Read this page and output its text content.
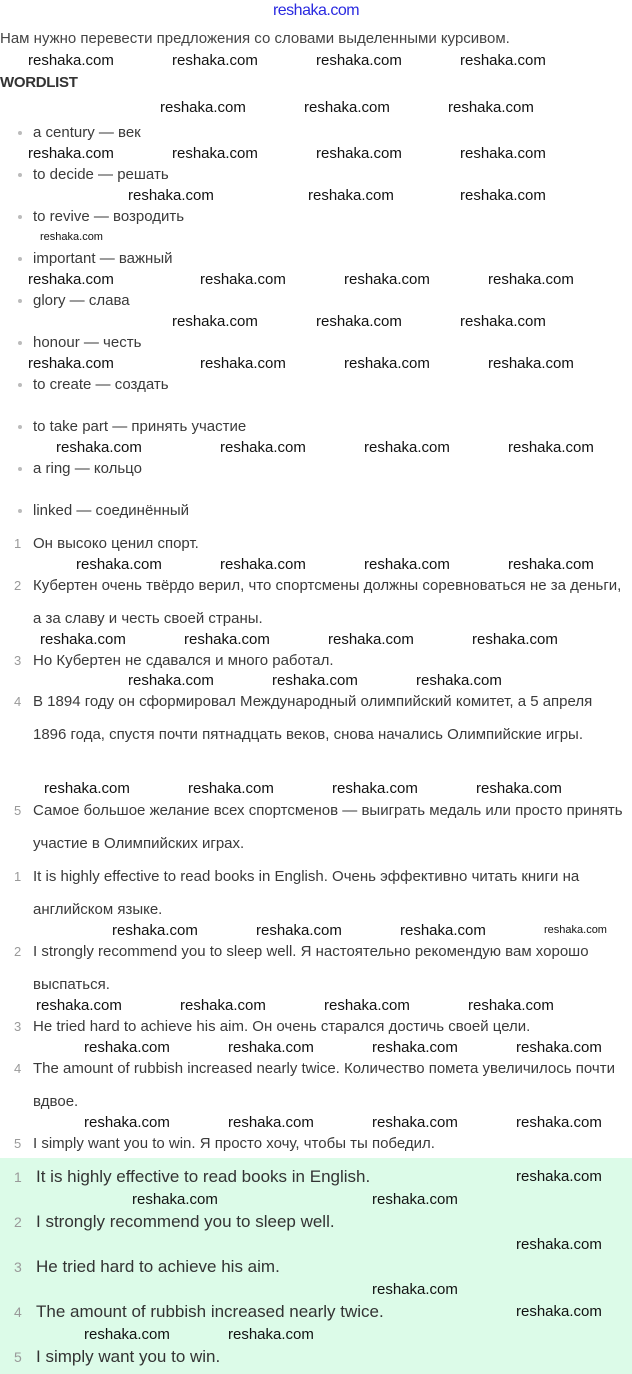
reshaka.com
Нам нужно перевести предложения со словами выделенными курсивом.
WORDLIST
a century — век
to decide — решать
to revive — возродить
important — важный
glory — слава
honour — честь
to create — создать
to take part — принять участие
a ring — кольцо
linked — соединённый
1 Он высоко ценил спорт.
2 Кубертен очень твёрдо верил, что спортсмены должны соревноваться не за деньги, а за славу и честь своей страны.
3 Но Кубертен не сдавался и много работал.
4 В 1894 году он сформировал Международный олимпийский комитет, а 5 апреля 1896 года, спустя почти пятнадцать веков, снова начались Олимпийские игры.
5 Самое большое желание всех спортсменов — выиграть медаль или просто принять участие в Олимпийских играх.
1 It is highly effective to read books in English. Очень эффективно читать книги на английском языке.
2 I strongly recommend you to sleep well. Я настоятельно рекомендую вам хорошо выспаться.
3 He tried hard to achieve his aim. Он очень старался достичь своей цели.
4 The amount of rubbish increased nearly twice. Количество помета увеличилось почти вдвое.
5 I simply want you to win. Я просто хочу, чтобы ты победил.
1 It is highly effective to read books in English.
2 I strongly recommend you to sleep well.
3 He tried hard to achieve his aim.
4 The amount of rubbish increased nearly twice.
5 I simply want you to win.
reshaka.com	reshaka.com	reshaka.com	reshaka.com
reshaka.com	reshaka.com	reshaka.com
reshaka.com	reshaka.com	reshaka.com	reshaka.com
reshaka.com	reshaka.com	reshaka.com
reshaka.com
reshaka.com	reshaka.com	reshaka.com
reshaka.com	reshaka.com	reshaka.com	reshaka.com
reshaka.com	reshaka.com	reshaka.com	reshaka.com
reshaka.com	reshaka.com	reshaka.com	reshaka.com
reshaka.com	reshaka.com	reshaka.com
reshaka.com
reshaka.com
reshaka.com
reshaka.com
reshaka.com
reshaka.com
reshaka.com
reshaka.com
reshaka.com	reshaka.com
reshaka.com
reshaka.com
reshaka.com
reshaka.com
reshaka.com
reshaka.com
reshaka.com
reshaka.com
reshaka.com
reshaka.com
reshaka.com
reshaka.com	reshaka.com	reshaka.com
reshaka.com
reshaka.com
reshaka.com	reshaka.com
reshaka.com
reshaka.com
reshaka.com
reshaka.com
reshaka.com
reshaka.com
reshaka.com	reshaka.com
